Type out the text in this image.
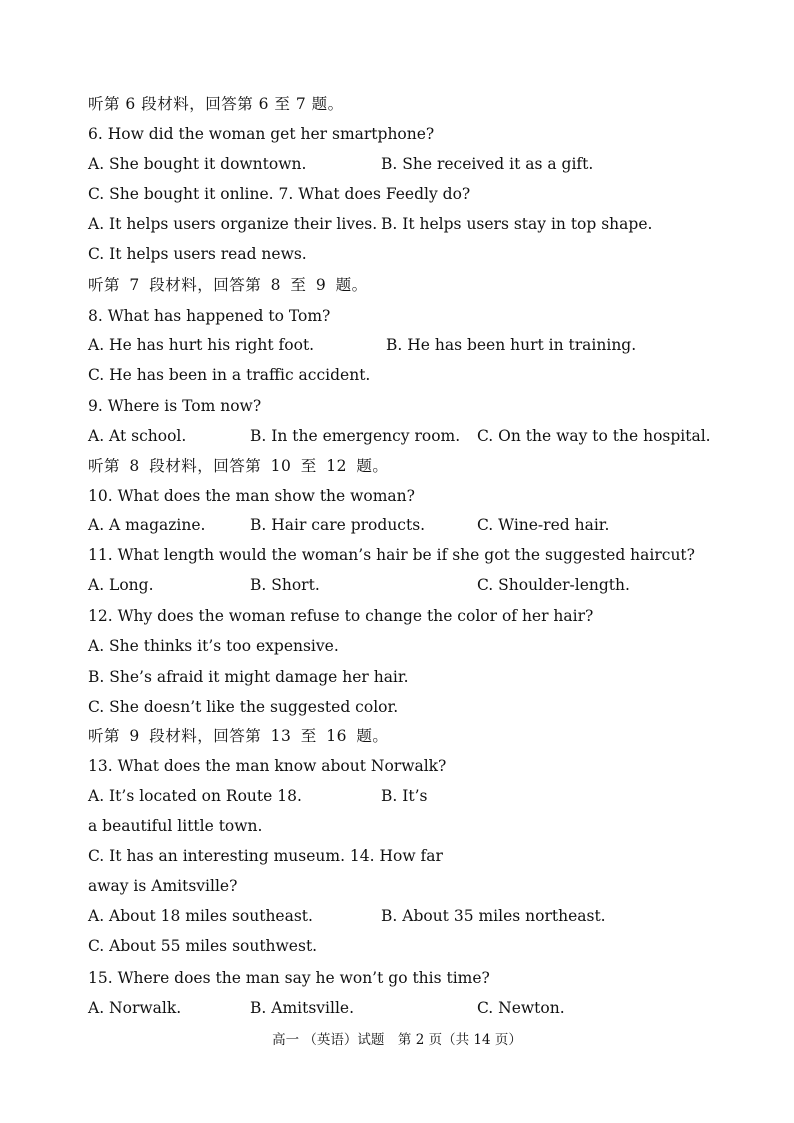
听第 6 段材料，回答第 6 至 7 题。
6. How did the woman get her smartphone?
A. She bought it downtown.	B. She received it as a gift.
C. She bought it online. 7. What does Feedly do?
A. It helps users organize their lives. B. It helps users stay in top shape.
C. It helps users read news.
听第 7 段材料，回答第 8 至 9 题。
8. What has happened to Tom?
A. He has hurt his right foot.	B. He has been hurt in training.
C. He has been in a traffic accident.
9. Where is Tom now?
A. At school.	B. In the emergency room. C. On the way to the hospital.
听第 8 段材料，回答第 10 至 12 题。
10. What does the man show the woman?
A. A magazine.	B. Hair care products.	C. Wine-red hair.
11. What length would the woman’s hair be if she got the suggested haircut?
A. Long.	B. Short.	C. Shoulder-length.
12. Why does the woman refuse to change the color of her hair?
A. She thinks it’s too expensive.
B. She’s afraid it might damage her hair.
C. She doesn’t like the suggested color.
听第 9 段材料，回答第 13 至 16 题。
13. What does the man know about Norwalk?
A. It’s located on Route 18.	B. It’s
a beautiful little town.
C. It has an interesting museum. 14. How far
away is Amitsville?
A. About 18 miles southeast.	B. About 35 miles northeast.
C. About 55 miles southwest.
15. Where does the man say he won’t go this time?
A. Norwalk.	B. Amitsville.	C. Newton.
高一 （英语）试题　第 2 页（共 14 页）
